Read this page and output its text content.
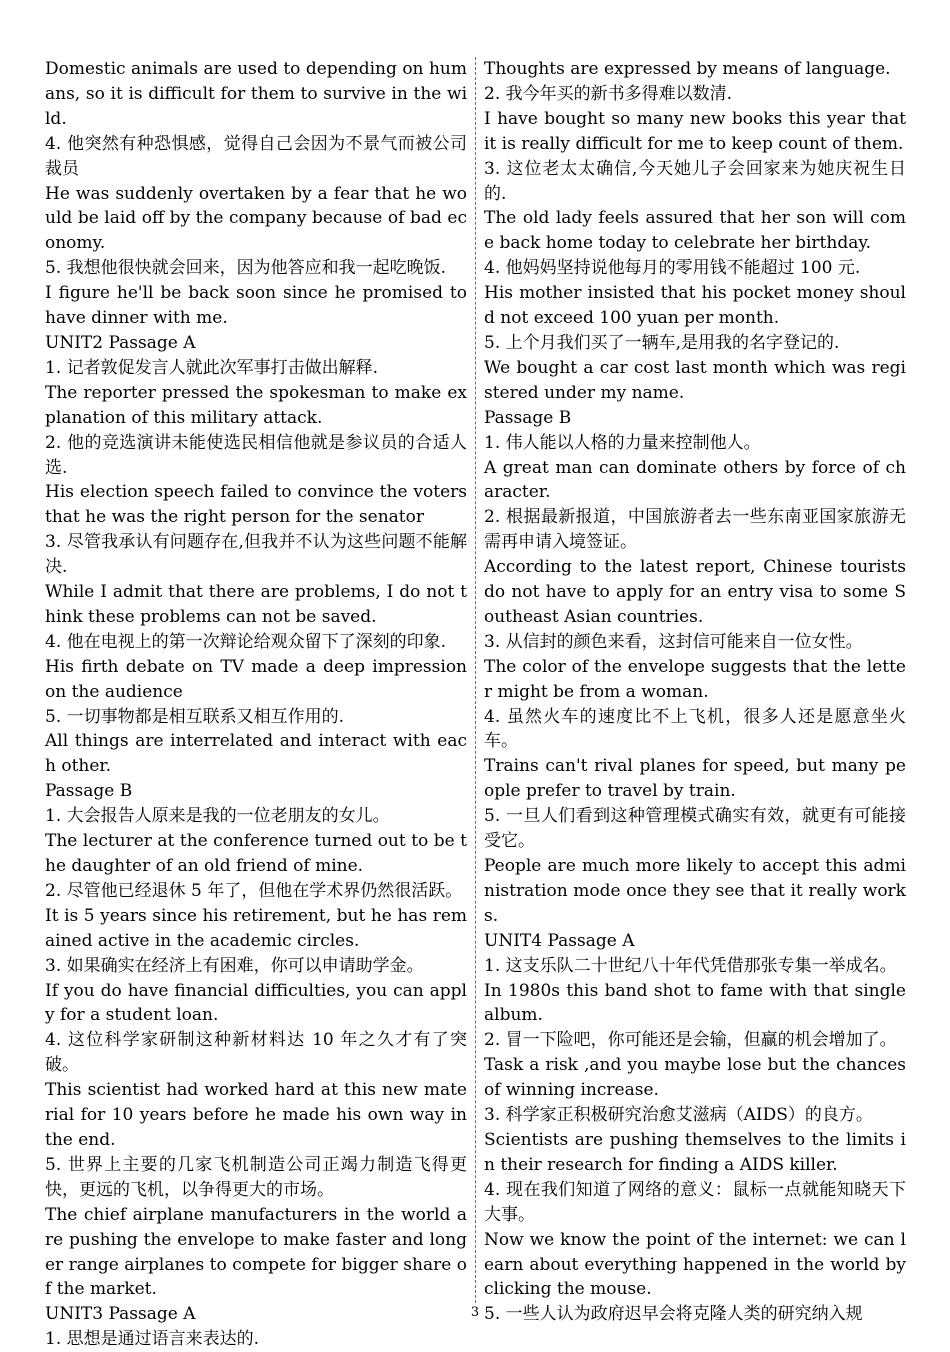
Domestic animals are used to depending on humans, so it is difficult for them to survive in the wild.
4. 他突然有种恐惧感，觉得自己会因为不景气而被公司裁员
He was suddenly overtaken by a fear that he would be laid off by the company because of bad economy.
5. 我想他很快就会回来，因为他答应和我一起吃晚饭.
I figure he'll be back soon since he promised to have dinner with me.
UNIT2 Passage A
1. 记者敦促发言人就此次军事打击做出解释.
The reporter pressed the spokesman to make explanation of this military attack.
2. 他的竞选演讲未能使选民相信他就是参议员的合适人选.
His election speech failed to convince the voters that he was the right person for the senator
3. 尽管我承认有问题存在,但我并不认为这些问题不能解决.
While I admit that there are problems, I do not think these problems can not be saved.
4. 他在电视上的第一次辩论给观众留下了深刻的印象.
His firth debate on TV made a deep impression on the audience
5. 一切事物都是相互联系又相互作用的.
All things are interrelated and interact with each other.
Passage B
1. 大会报告人原来是我的一位老朋友的女儿。
The lecturer at the conference turned out to be the daughter of an old friend of mine.
2. 尽管他已经退休 5 年了，但他在学术界仍然很活跃。
It is 5 years since his retirement, but he has remained active in the academic circles.
3. 如果确实在经济上有困难，你可以申请助学金。
If you do have financial difficulties, you can apply for a student loan.
4. 这位科学家研制这种新材料达 10 年之久才有了突破。
This scientist had worked hard at this new material for 10 years before he made his own way in the end.
5. 世界上主要的几家飞机制造公司正竭力制造飞得更快，更远的飞机，以争得更大的市场。
The chief airplane manufacturers in the world are pushing the envelope to make faster and longer range airplanes to compete for bigger share of the market.
UNIT3 Passage A
1. 思想是通过语言来表达的.
Thoughts are expressed by means of language.
2. 我今年买的新书多得难以数清.
I have bought so many new books this year that it is really difficult for me to keep count of them.
3. 这位老太太确信,今天她儿子会回家来为她庆祝生日的.
The old lady feels assured that her son will come back home today to celebrate her birthday.
4. 他妈妈坚持说他每月的零用钱不能超过 100 元.
His mother insisted that his pocket money should not exceed 100 yuan per month.
5. 上个月我们买了一辆车,是用我的名字登记的.
We bought a car cost last month which was registered under my name.
Passage B
1. 伟人能以人格的力量来控制他人。
A great man can dominate others by force of character.
2. 根据最新报道，中国旅游者去一些东南亚国家旅游无需再申请入境签证。
According to the latest report, Chinese tourists do not have to apply for an entry visa to some Southeast Asian countries.
3. 从信封的颜色来看，这封信可能来自一位女性。
The color of the envelope suggests that the letter might be from a woman.
4. 虽然火车的速度比不上飞机，很多人还是愿意坐火车。
Trains can't rival planes for speed, but many people prefer to travel by train.
5. 一旦人们看到这种管理模式确实有效，就更有可能接受它。
People are much more likely to accept this administration mode once they see that it really works.
UNIT4 Passage A
1. 这支乐队二十世纪八十年代凭借那张专集一举成名。
In 1980s this band shot to fame with that single album.
2. 冒一下险吧，你可能还是会输，但赢的机会增加了。
Task a risk ,and you maybe lose but the chances of winning increase.
3. 科学家正积极研究治愈艾滋病（AIDS）的良方。
Scientists are pushing themselves to the limits in their research for finding a AIDS killer.
4. 现在我们知道了网络的意义：鼠标一点就能知晓天下大事。
Now we know the point of the internet: we can learn about everything happened in the world by clicking the mouse.
5. 一些人认为政府迟早会将克隆人类的研究纳入规
3
